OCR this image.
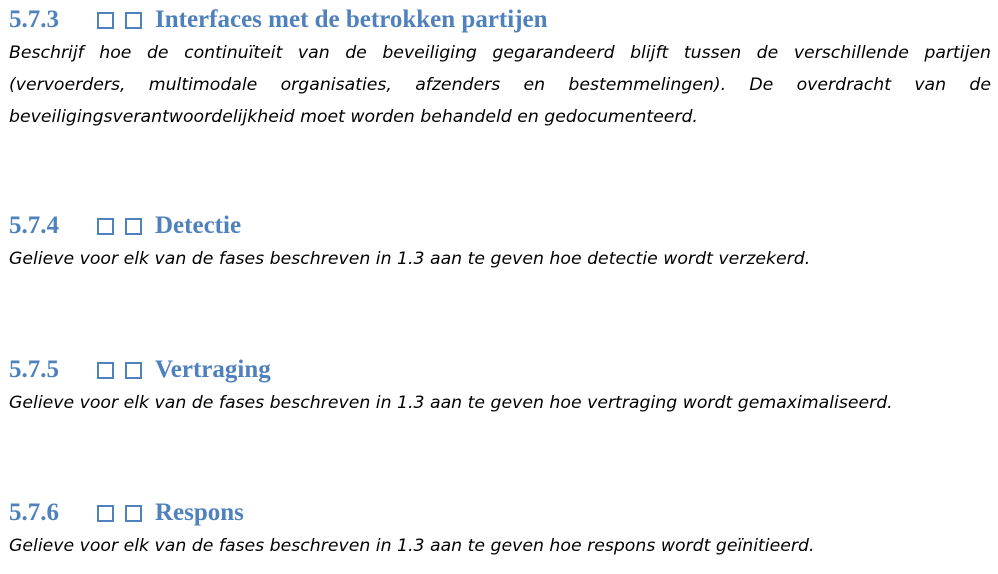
5.7.3	Interfaces met de betrokken partijen
Beschrijf hoe de continuïteit van de beveiliging gegarandeerd blijft tussen de verschillende partijen (vervoerders, multimodale organisaties, afzenders en bestemmelingen). De overdracht van de beveiligingsverantwoordelijkheid moet worden behandeld en gedocumenteerd.
5.7.4	Detectie
Gelieve voor elk van de fases beschreven in 1.3 aan te geven hoe detectie wordt verzekerd.
5.7.5	Vertraging
Gelieve voor elk van de fases beschreven in 1.3 aan te geven hoe vertraging wordt gemaximaliseerd.
5.7.6	Respons
Gelieve voor elk van de fases beschreven in 1.3 aan te geven hoe respons wordt geïnitieerd.
